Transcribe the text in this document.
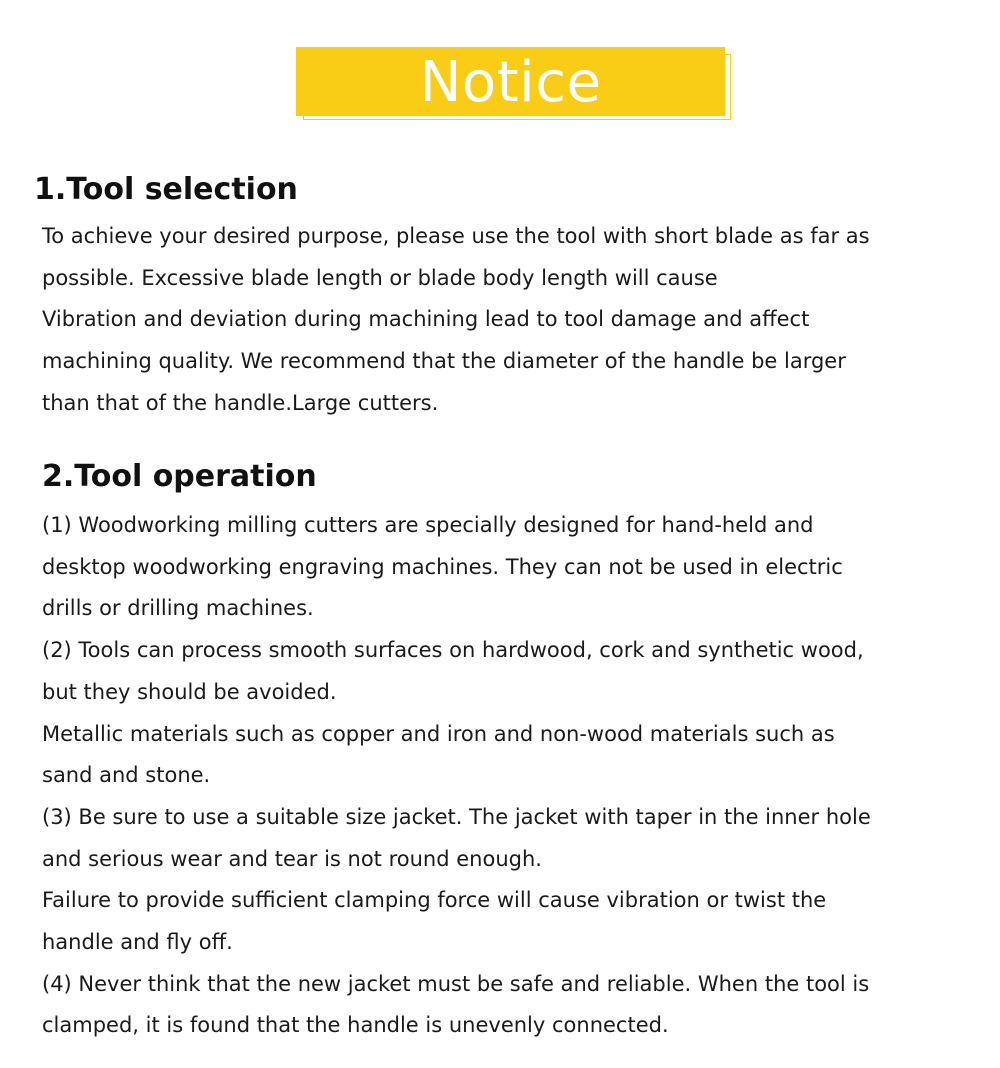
Notice
1.Tool selection
To achieve your desired purpose, please use the tool with short blade as far as
possible. Excessive blade length or blade body length will cause
Vibration and deviation during machining lead to tool damage and affect
machining quality. We recommend that the diameter of the handle be larger
than that of the handle.Large cutters.
2.Tool operation
(1) Woodworking milling cutters are specially designed for hand-held and
desktop woodworking engraving machines. They can not be used in electric
drills or drilling machines.
(2) Tools can process smooth surfaces on hardwood, cork and synthetic wood,
but they should be avoided.
Metallic materials such as copper and iron and non-wood materials such as
sand and stone.
(3) Be sure to use a suitable size jacket. The jacket with taper in the inner hole
and serious wear and tear is not round enough.
Failure to provide sufficient clamping force will cause vibration or twist the
handle and fly off.
(4) Never think that the new jacket must be safe and reliable. When the tool is
clamped, it is found that the handle is unevenly connected.
